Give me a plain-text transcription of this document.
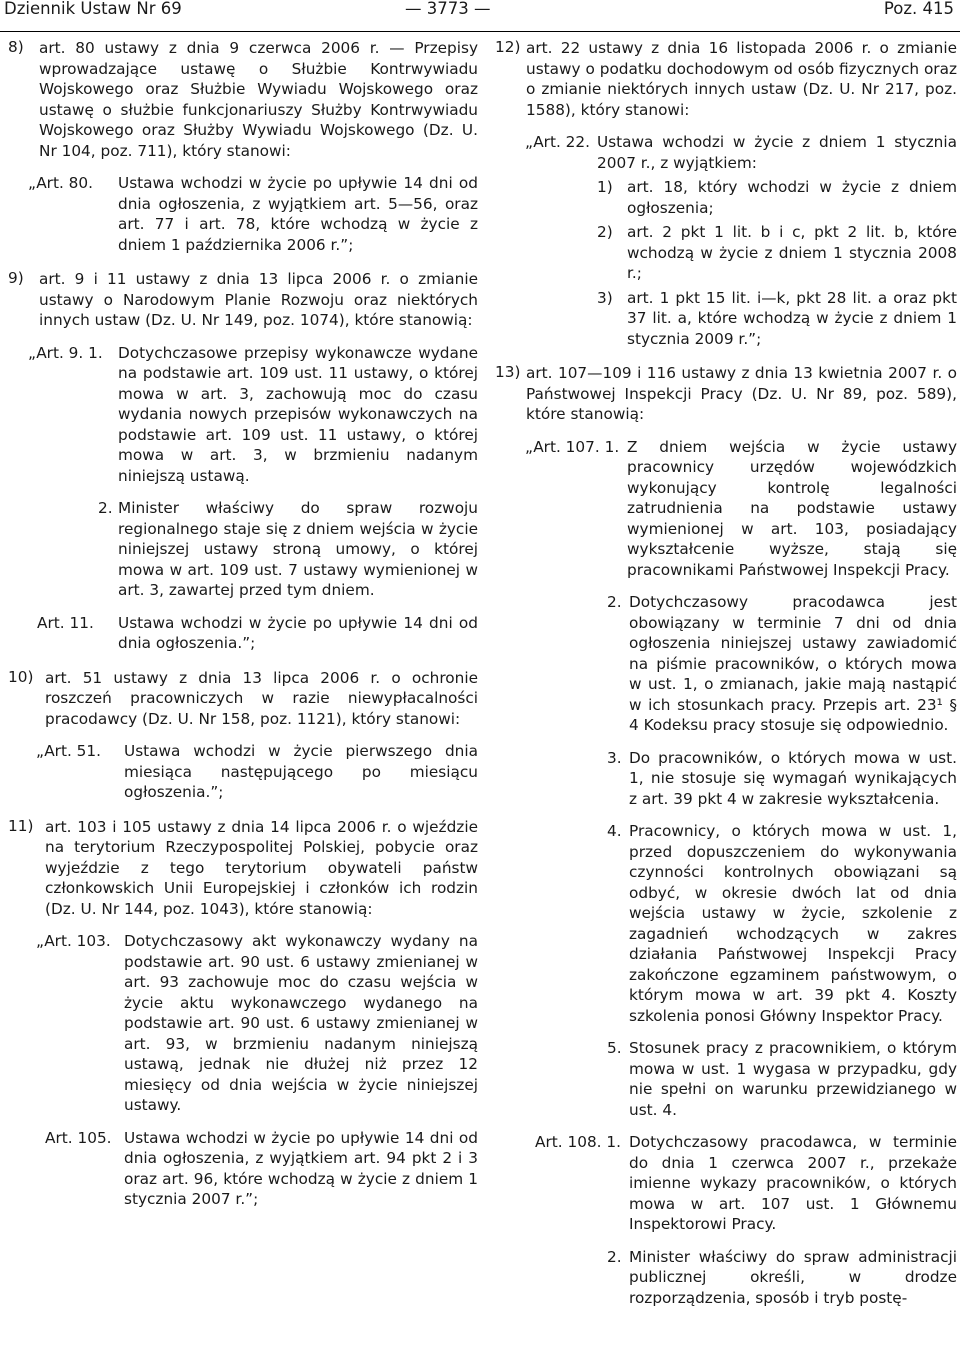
Dziennik Ustaw Nr 69	— 3773 —	Poz. 415
8) art. 80 ustawy z dnia 9 czerwca 2006 r. — Przepisy wprowadzające ustawę o Służbie Kontrwywiadu Wojskowego oraz Służbie Wywiadu Wojskowego oraz ustawę o służbie funkcjonariuszy Służby Kontrwywiadu Wojskowego oraz Służby Wywiadu Wojskowego (Dz. U. Nr 104, poz. 711), który stanowi:

„Art. 80. Ustawa wchodzi w życie po upływie 14 dni od dnia ogłoszenia, z wyjątkiem art. 5—56, oraz art. 77 i art. 78, które wchodzą w życie z dniem 1 października 2006 r.”;
9) art. 9 i 11 ustawy z dnia 13 lipca 2006 r. o zmianie ustawy o Narodowym Planie Rozwoju oraz niektórych innych ustaw (Dz. U. Nr 149, poz. 1074), które stanowią:

„Art. 9. 1. Dotychczasowe przepisy wykonawcze wydane na podstawie art. 109 ust. 11 ustawy, o której mowa w art. 3, zachowują moc do czasu wydania nowych przepisów wykonawczych na podstawie art. 109 ust. 11 ustawy, o której mowa w art. 3, w brzmieniu nadanym niniejszą ustawą.
2. Minister właściwy do spraw rozwoju regionalnego staje się z dniem wejścia w życie niniejszej ustawy stroną umowy, o której mowa w art. 109 ust. 7 ustawy wymienionej w art. 3, zawartej przed tym dniem.
Art. 11. Ustawa wchodzi w życie po upływie 14 dni od dnia ogłoszenia.”;
10) art. 51 ustawy z dnia 13 lipca 2006 r. o ochronie roszczeń pracowniczych w razie niewypłacalności pracodawcy (Dz. U. Nr 158, poz. 1121), który stanowi:

„Art. 51. Ustawa wchodzi w życie pierwszego dnia miesiąca następującego po miesiącu ogłoszenia.”;
11) art. 103 i 105 ustawy z dnia 14 lipca 2006 r. o wjeździe na terytorium Rzeczypospolitej Polskiej, pobycie oraz wyjeździe z tego terytorium obywateli państw członkowskich Unii Europejskiej i członków ich rodzin (Dz. U. Nr 144, poz. 1043), które stanowią:

„Art. 103. Dotychczasowy akt wykonawczy wydany na podstawie art. 90 ust. 6 ustawy zmienianej w art. 93 zachowuje moc do czasu wejścia w życie aktu wykonawczego wydanego na podstawie art. 90 ust. 6 ustawy zmienianej w art. 93, w brzmieniu nadanym niniejszą ustawą, jednak nie dłużej niż przez 12 miesięcy od dnia wejścia w życie niniejszej ustawy.
Art. 105. Ustawa wchodzi w życie po upływie 14 dni od dnia ogłoszenia, z wyjątkiem art. 94 pkt 2 i 3 oraz art. 96, które wchodzą w życie z dniem 1 stycznia 2007 r.”;
12) art. 22 ustawy z dnia 16 listopada 2006 r. o zmianie ustawy o podatku dochodowym od osób fizycznych oraz o zmianie niektórych innych ustaw (Dz. U. Nr 217, poz. 1588), który stanowi:

„Art. 22. Ustawa wchodzi w życie z dniem 1 stycznia 2007 r., z wyjątkiem:
1) art. 18, który wchodzi w życie z dniem ogłoszenia;
2) art. 2 pkt 1 lit. b i c, pkt 2 lit. b, które wchodzą w życie z dniem 1 stycznia 2008 r.;
3) art. 1 pkt 15 lit. i—k, pkt 28 lit. a oraz pkt 37 lit. a, które wchodzą w życie z dniem 1 stycznia 2009 r.”;
13) art. 107—109 i 116 ustawy z dnia 13 kwietnia 2007 r. o Państwowej Inspekcji Pracy (Dz. U. Nr 89, poz. 589), które stanowią:

„Art. 107. 1. Z dniem wejścia w życie ustawy pracownicy urzędów wojewódzkich wykonujący kontrolę legalności zatrudnienia na podstawie ustawy wymienionej w art. 103, posiadający wykształcenie wyższe, stają się pracownikami Państwowej Inspekcji Pracy.
2. Dotychczasowy pracodawca jest obowiązany w terminie 7 dni od dnia ogłoszenia niniejszej ustawy zawiadomić na piśmie pracowników, o których mowa w ust. 1, o zmianach, jakie mają nastąpić w ich stosunkach pracy. Przepis art. 23¹ § 4 Kodeksu pracy stosuje się odpowiednio.
3. Do pracowników, o których mowa w ust. 1, nie stosuje się wymagań wynikających z art. 39 pkt 4 w zakresie wykształcenia.
4. Pracownicy, o których mowa w ust. 1, przed dopuszczeniem do wykonywania czynności kontrolnych obowiązani są odbyć, w okresie dwóch lat od dnia wejścia ustawy w życie, szkolenie z zagadnień wchodzących w zakres działania Państwowej Inspekcji Pracy zakończone egzaminem państwowym, o którym mowa w art. 39 pkt 4. Koszty szkolenia ponosi Główny Inspektor Pracy.
5. Stosunek pracy z pracownikiem, o którym mowa w ust. 1 wygasa w przypadku, gdy nie spełni on warunku przewidzianego w ust. 4.
Art. 108. 1. Dotychczasowy pracodawca, w terminie do dnia 1 czerwca 2007 r., przekaże imienne wykazy pracowników, o których mowa w art. 107 ust. 1 Głównemu Inspektorowi Pracy.
2. Minister właściwy do spraw administracji publicznej określi, w drodze rozporządzenia, sposób i tryb postę-
